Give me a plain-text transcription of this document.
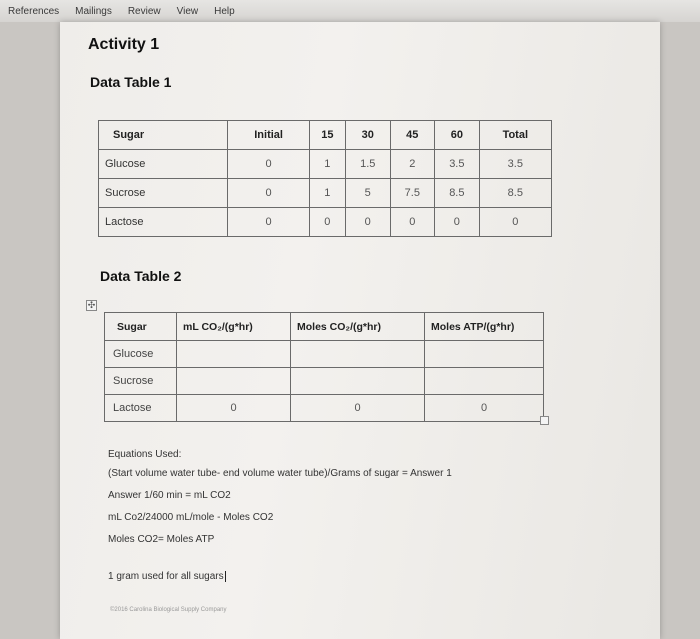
References Mailings Review View Help
Activity 1
Data Table 1
Sugar	Initial	15	30	45	60	Total
Glucose	0	1	1.5	2	3.5	3.5
Sucrose	0	1	5	7.5	8.5	8.5
Lactose	0	0	0	0	0	0
Data Table 2
✣
Sugar	mL CO₂/(g*hr)	Moles CO₂/(g*hr)	Moles ATP/(g*hr)
Glucose			
Sucrose			
Lactose	0	0	0
Equations Used:
(Start volume water tube- end volume water tube)/Grams of sugar = Answer 1
Answer 1/60 min = mL CO2
mL Co2/24000 mL/mole - Moles CO2
Moles CO2= Moles ATP
1 gram used for all sugars
©2016 Carolina Biological Supply Company
